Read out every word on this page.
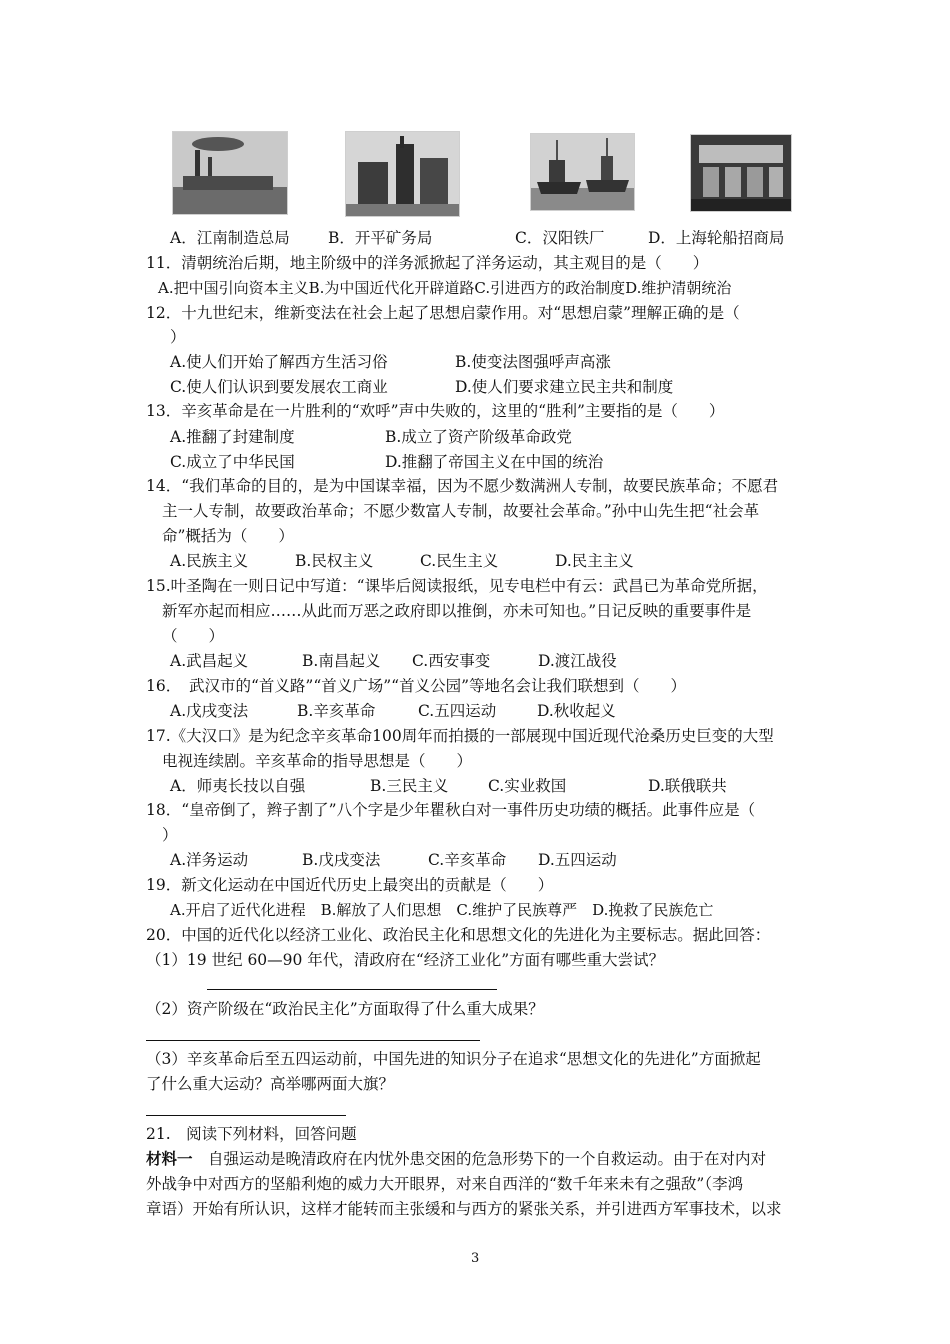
A．江南制造总局 B．开平矿务局	C．汉阳铁厂	D．上海轮船招商局
11．清朝统治后期，地主阶级中的洋务派掀起了洋务运动，其主观目的是（　　）
A.把中国引向资本主义B.为中国近代化开辟道路C.引进西方的政治制度D.维护清朝统治
12．十九世纪末，维新变法在社会上起了思想启蒙作用。对“思想启蒙”理解正确的是（
）
A.使人们开始了解西方生活习俗	B.使变法图强呼声高涨
C.使人们认识到要发展农工商业	D.使人们要求建立民主共和制度
13．辛亥革命是在一片胜利的“欢呼”声中失败的，这里的“胜利”主要指的是（　　）
A.推翻了封建制度	B.成立了资产阶级革命政党
C.成立了中华民国	D.推翻了帝国主义在中国的统治
14．“我们革命的目的，是为中国谋幸福，因为不愿少数满洲人专制，故要民族革命；不愿君
主一人专制，故要政治革命；不愿少数富人专制，故要社会革命。”孙中山先生把“社会革
命”概括为（　　）
A.民族主义	B.民权主义	C.民生主义	D.民主主义
15.叶圣陶在一则日记中写道：“课毕后阅读报纸，见专电栏中有云：武昌已为革命党所据，
新军亦起而相应……从此而万恶之政府即以推倒，亦未可知也。”日记反映的重要事件是
（　　）
A.武昌起义	B.南昌起义 C.西安事变	D.渡江战役
16．　武汉市的“首义路”“首义广场”“首义公园”等地名会让我们联想到（　　）
A.戊戌变法	B.辛亥革命	C.五四运动	D.秋收起义
17.《大汉口》是为纪念辛亥革命100周年而拍摄的一部展现中国近现代沧桑历史巨变的大型
电视连续剧。辛亥革命的指导思想是（　　）
A．师夷长技以自强	B.三民主义	C.实业救国	D.联俄联共
18．“皇帝倒了，辫子割了”八个字是少年瞿秋白对一事件历史功绩的概括。此事件应是（
）
A.洋务运动	B.戊戌变法	C.辛亥革命 D.五四运动
19．新文化运动在中国近代历史上最突出的贡献是（　　）
A.开启了近代化进程　B.解放了人们思想　C.维护了民族尊严　D.挽救了民族危亡
20．中国的近代化以经济工业化、政治民主化和思想文化的先进化为主要标志。据此回答：
（1）19 世纪 60—90 年代，清政府在“经济工业化”方面有哪些重大尝试？
（2）资产阶级在“政治民主化”方面取得了什么重大成果？
（3）辛亥革命后至五四运动前，中国先进的知识分子在追求“思想文化的先进化”方面掀起
了什么重大运动？高举哪两面大旗？
21.　阅读下列材料，回答问题
材料一　自强运动是晚清政府在内忧外患交困的危急形势下的一个自救运动。由于在对内对
外战争中对西方的坚船利炮的威力大开眼界，对来自西洋的“数千年来未有之强敌”（李鸿
章语）开始有所认识，这样才能转而主张缓和与西方的紧张关系，并引进西方军事技术，以求
3
